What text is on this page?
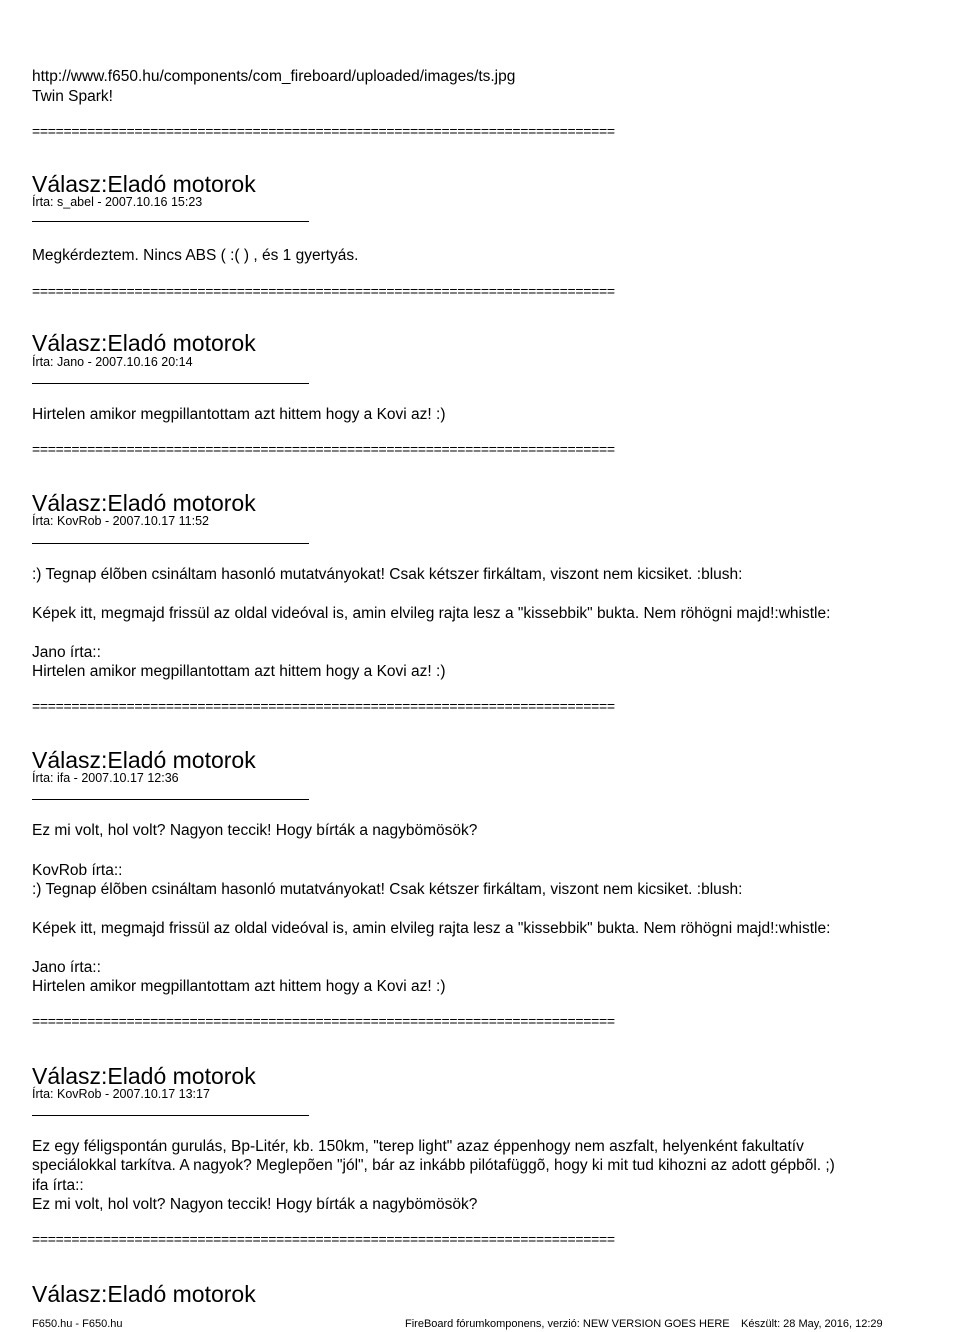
http://www.f650.hu/components/com_fireboard/uploaded/images/ts.jpg
Twin Spark!
==========================================================================
Válasz:Eladó motorok
Írta: s_abel - 2007.10.16 15:23
Megkérdeztem. Nincs ABS ( :( ) , és 1 gyertyás.
==========================================================================
Válasz:Eladó motorok
Írta: Jano - 2007.10.16 20:14
Hirtelen amikor megpillantottam azt hittem hogy a Kovi az! :)
==========================================================================
Válasz:Eladó motorok
Írta: KovRob - 2007.10.17 11:52
:) Tegnap élõben csináltam hasonló mutatványokat! Csak kétszer firkáltam, viszont nem kicsiket. :blush:
Képek itt, megmajd frissül az oldal videóval is, amin elvileg rajta lesz a "kissebbik" bukta. Nem röhögni majd!:whistle:
Jano írta::
Hirtelen amikor megpillantottam azt hittem hogy a Kovi az! :)
==========================================================================
Válasz:Eladó motorok
Írta: ifa - 2007.10.17 12:36
Ez mi volt, hol volt? Nagyon teccik! Hogy bírták a nagybömösök?
KovRob írta::
:) Tegnap élõben csináltam hasonló mutatványokat! Csak kétszer firkáltam, viszont nem kicsiket. :blush:
Képek itt, megmajd frissül az oldal videóval is, amin elvileg rajta lesz a "kissebbik" bukta. Nem röhögni majd!:whistle:
Jano írta::
Hirtelen amikor megpillantottam azt hittem hogy a Kovi az! :)
==========================================================================
Válasz:Eladó motorok
Írta: KovRob - 2007.10.17 13:17
Ez egy féligspontán gurulás, Bp-Litér, kb. 150km, "terep light" azaz éppenhogy nem aszfalt, helyenként fakultatív
speciálokkal tarkítva. A nagyok? Meglepõen "jól", bár az inkább pilótafüggõ, hogy ki mit tud kihozni az adott gépbõl. ;)
ifa írta::
Ez mi volt, hol volt? Nagyon teccik! Hogy bírták a nagybömösök?
==========================================================================
Válasz:Eladó motorok
F650.hu - F650.hu	FireBoard fórumkomponens, verzió: NEW VERSION GOES HERE Készült: 28 May, 2016, 12:29
